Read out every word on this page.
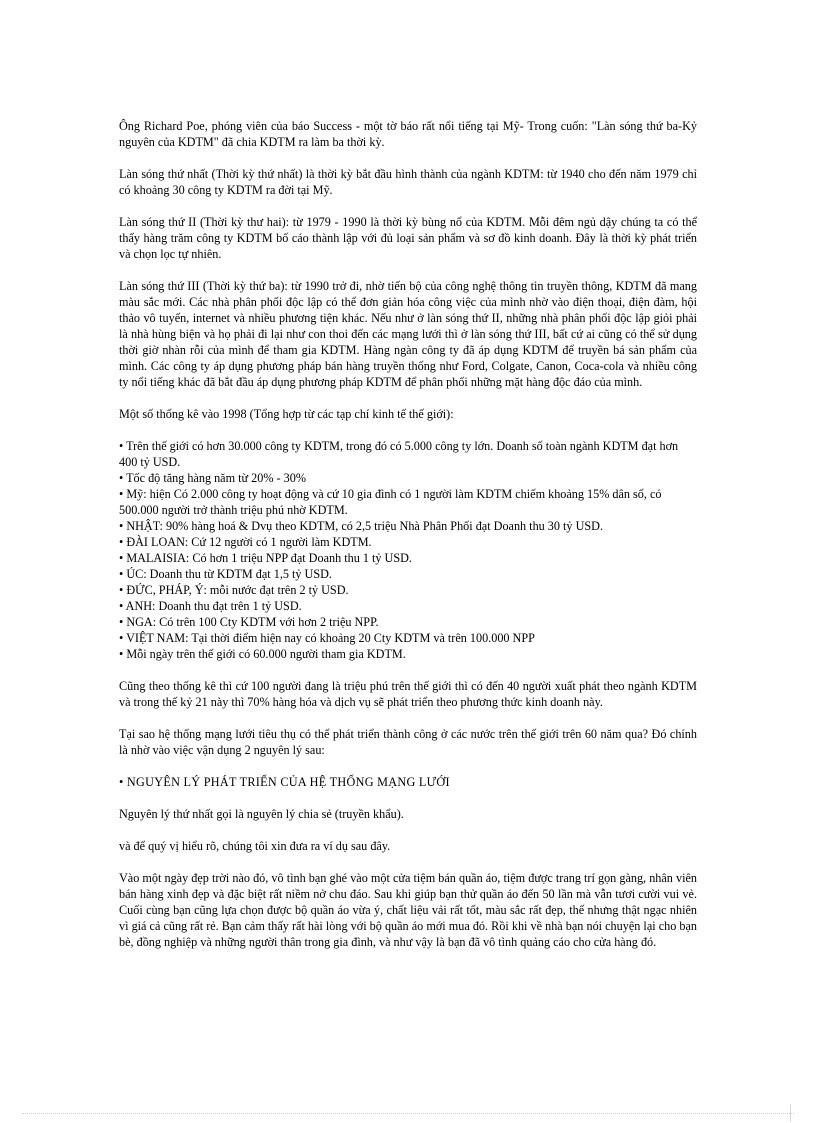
Ông Richard Poe, phóng viên của báo Success - một tờ báo rất nổi tiếng tại Mỹ- Trong cuốn: "Làn sóng thứ ba-Kỷ nguyên của KDTM" đã chia KDTM ra làm ba thời kỳ.

Làn sóng thứ nhất (Thời kỳ thứ nhất) là thời kỳ bắt đầu hình thành của ngành KDTM: từ 1940 cho đến năm 1979 chỉ có khoảng 30 công ty KDTM ra đời tại Mỹ.

Làn sóng thứ II (Thời kỳ thư hai): từ 1979 - 1990 là thời kỳ bùng nổ của KDTM. Mỗi đêm ngủ dậy chúng ta có thể thấy hàng trăm công ty KDTM bố cáo thành lập với đủ loại sản phẩm và sơ đồ kinh doanh. Đây là thời kỳ phát triển và chọn lọc tự nhiên.

Làn sóng thứ III (Thời kỳ thứ ba): từ 1990 trở đi, nhờ tiến bộ của công nghệ thông tin truyền thông, KDTM đã mang màu sắc mới. Các nhà phân phối độc lập có thể đơn giản hóa công việc của mình nhờ vào điện thoại, điện đàm, hội thảo vô tuyến, internet và nhiều phương tiện khác. Nếu như ở làn sóng thứ II, những nhà phân phối độc lập giỏi phải là nhà hùng biện và họ phải đi lại như con thoi đến các mạng lưới thì ở làn sóng thứ III, bất cứ ai cũng có thể sử dụng thời giờ nhàn rỗi của mình để tham gia KDTM. Hàng ngàn công ty đã áp dụng KDTM để truyền bá sản phẩm của mình. Các công ty áp dụng phương pháp bán hàng truyền thống như Ford, Colgate, Canon, Coca-cola và nhiều công ty nổi tiếng khác đã bắt đầu áp dụng phương pháp KDTM để phân phối những mặt hàng độc đáo của mình.

Một số thống kê vào 1998 (Tổng hợp từ các tạp chí kinh tế thế giới):

• Trên thế giới có hơn 30.000 công ty KDTM, trong đó có 5.000 công ty lớn. Doanh số toàn ngành KDTM đạt hơn 400 tỷ USD.
• Tốc độ tăng hàng năm từ 20% - 30%
• Mỹ: hiện Có 2.000 công ty hoạt động và cứ 10 gia đình có 1 người làm KDTM chiếm khoảng 15% dân số, có 500.000 người trở thành triệu phú nhờ KDTM.
• NHẬT: 90% hàng hoá & Dvụ theo KDTM, có 2,5 triệu Nhà Phân Phối đạt Doanh thu 30 tỷ USD.
• ĐÀI LOAN: Cứ 12 người có 1 người làm KDTM.
• MALAISIA: Có hơn 1 triệu NPP đạt Doanh thu 1 tỷ USD.
• ÚC: Doanh thu từ KDTM đạt 1,5 tỷ USD.
• ĐỨC, PHÁP, Ý: mỗi nước đạt trên 2 tỷ USD.
• ANH: Doanh thu đạt trên 1 tỷ USD.
• NGA: Có trên 100 Cty KDTM với hơn 2 triệu NPP.
• VIỆT NAM: Tại thời điểm hiện nay có khoảng 20 Cty KDTM và trên 100.000 NPP
• Mỗi ngày trên thế giới có 60.000 người tham gia KDTM.

Cũng theo thống kê thì cứ 100 người đang là triệu phú trên thế giới thì có đến 40 người xuất phát theo ngành KDTM và trong thế kỷ 21 này thì 70% hàng hóa và dịch vụ sẽ phát triển theo phương thức kinh doanh này.

Tại sao hệ thống mạng lưới tiêu thụ có thể phát triển thành công ở các nước trên thế giới trên 60 năm qua? Đó chính là nhờ vào việc vận dụng 2 nguyên lý sau:

• NGUYÊN LÝ PHÁT TRIỂN CỦA HỆ THỐNG MẠNG LƯỚI

Nguyên lý thứ nhất gọi là nguyên lý chia sẻ (truyền khẩu).

và để quý vị hiểu rõ, chúng tôi xin đưa ra ví dụ sau đây.

Vào một ngày đẹp trời nào đó, vô tình bạn ghé vào một cửa tiệm bán quần áo, tiệm được trang trí gọn gàng, nhân viên bán hàng xinh đẹp và đặc biệt rất niềm nở chu đáo. Sau khi giúp bạn thử quần áo đến 50 lần mà vẫn tươi cười vui vẻ. Cuối cùng bạn cũng lựa chọn được bộ quần áo vừa ý, chất liệu vải rất tốt, màu sắc rất đẹp, thế nhưng thật ngạc nhiên vì giá cả cũng rất rẻ. Bạn cảm thấy rất hài lòng với bộ quần áo mới mua đó. Rồi khi về nhà bạn nói chuyện lại cho bạn bè, đồng nghiệp và những người thân trong gia đình, và như vậy là bạn đã vô tình quảng cáo cho cửa hàng đó.
